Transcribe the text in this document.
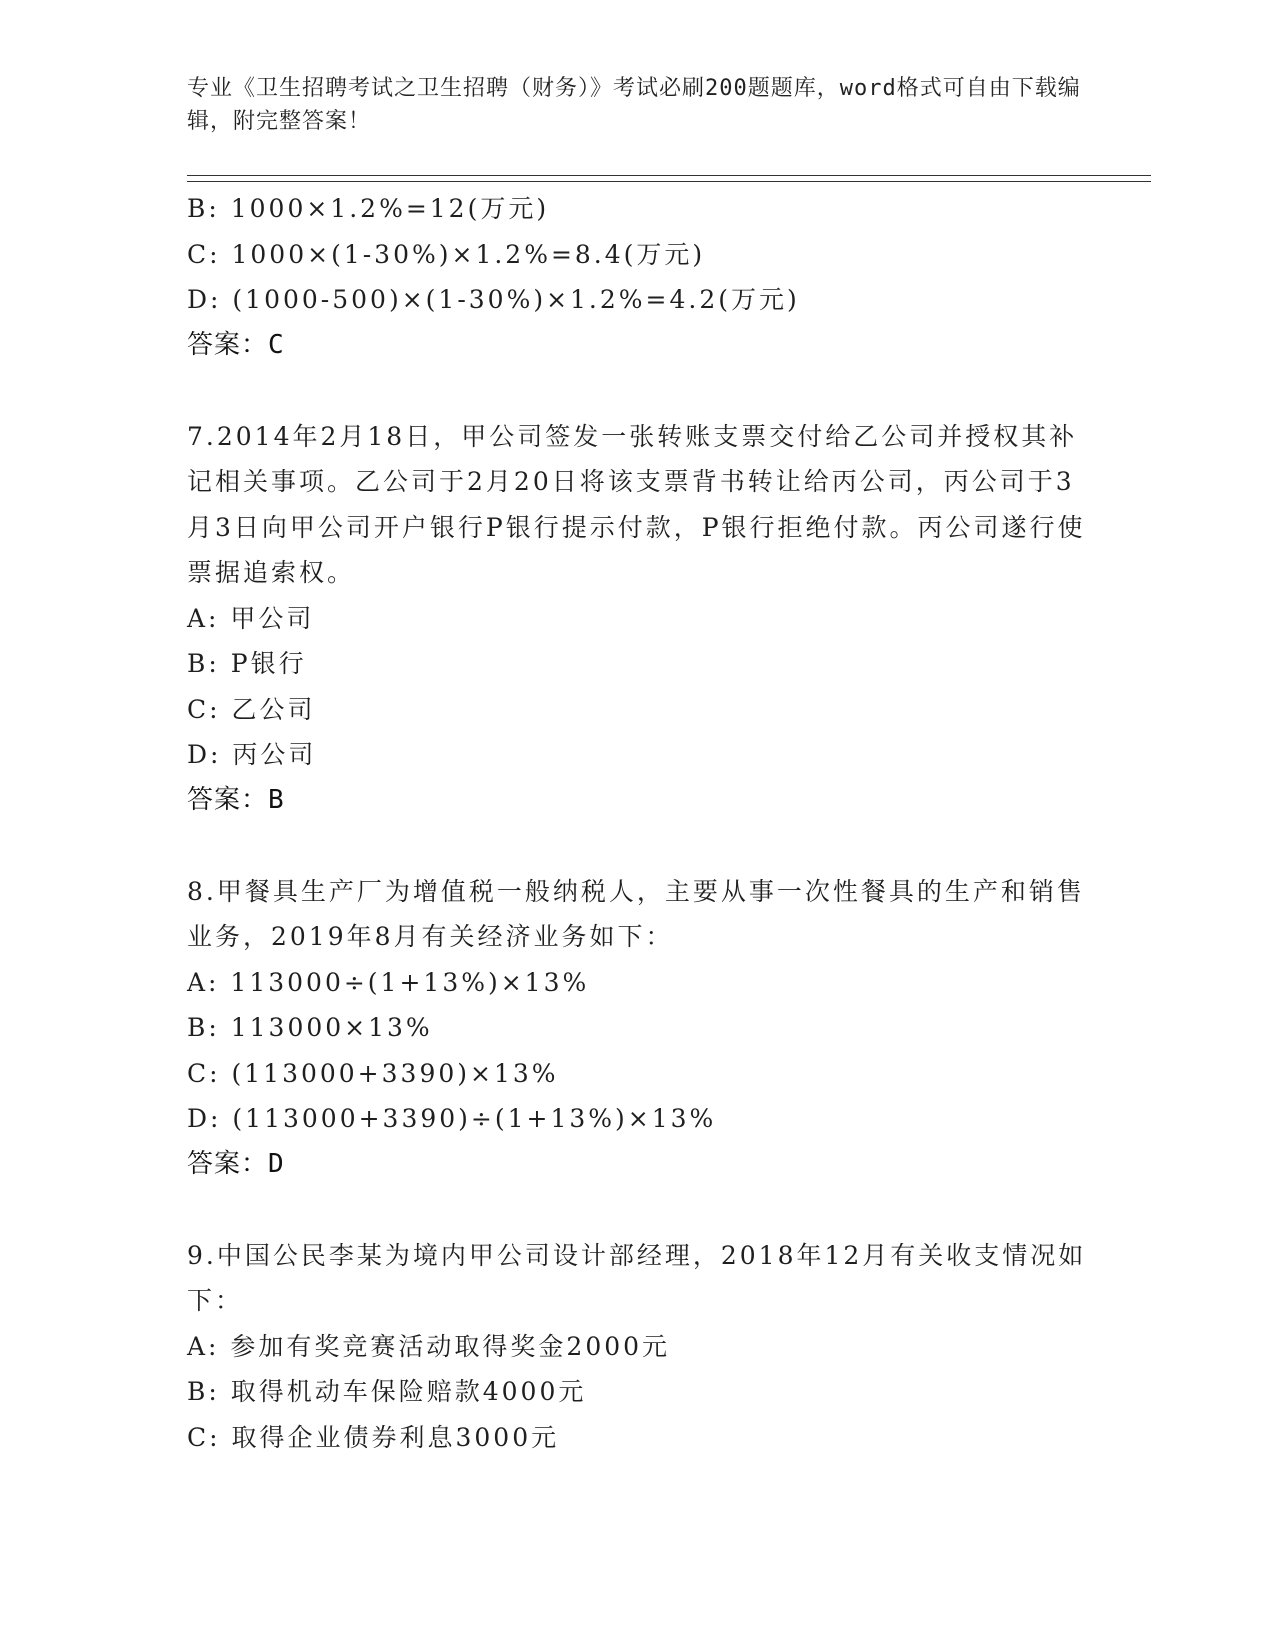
专业《卫生招聘考试之卫生招聘（财务）》考试必刷200题题库，word格式可自由下载编辑，附完整答案！
B: 1000×1.2%=12(万元)
C: 1000×(1-30%)×1.2%=8.4(万元)
D: (1000-500)×(1-30%)×1.2%=4.2(万元)
答案：C
7.2014年2月18日，甲公司签发一张转账支票交付给乙公司并授权其补记相关事项。乙公司于2月20日将该支票背书转让给丙公司，丙公司于3月3日向甲公司开户银行P银行提示付款，P银行拒绝付款。丙公司遂行使票据追索权。
A: 甲公司
B: P银行
C: 乙公司
D: 丙公司
答案：B
8.甲餐具生产厂为增值税一般纳税人，主要从事一次性餐具的生产和销售业务，2019年8月有关经济业务如下：
A: 113000÷(1+13%)×13%
B: 113000×13%
C: (113000+3390)×13%
D: (113000+3390)÷(1+13%)×13%
答案：D
9.中国公民李某为境内甲公司设计部经理，2018年12月有关收支情况如下：
A: 参加有奖竞赛活动取得奖金2000元
B: 取得机动车保险赔款4000元
C: 取得企业债券利息3000元
